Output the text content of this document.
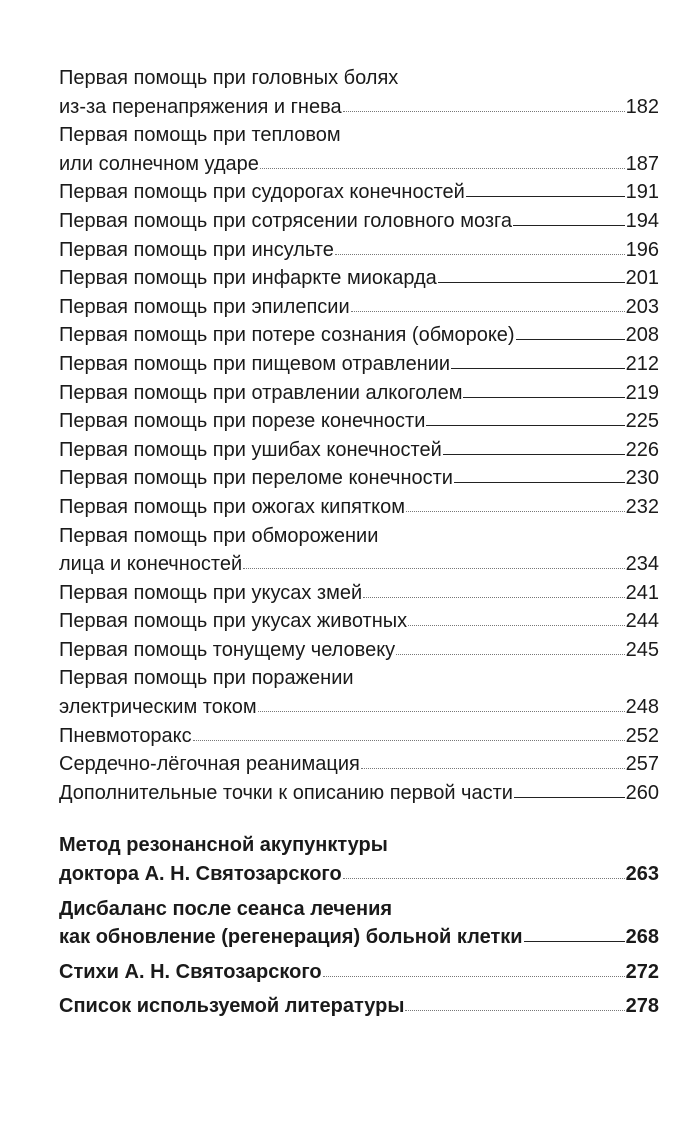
Первая помощь при головных болях
из-за перенапряжения и гнева	182
Первая помощь при тепловом
или солнечном ударе	187
Первая помощь при судорогах конечностей	191
Первая помощь при сотрясении головного мозга	194
Первая помощь при инсульте	196
Первая помощь при инфаркте миокарда	201
Первая помощь при эпилепсии	203
Первая помощь при потере сознания (обмороке)	208
Первая помощь при пищевом отравлении	212
Первая помощь при отравлении алкоголем	219
Первая помощь при порезе конечности	225
Первая помощь при ушибах конечностей	226
Первая помощь при переломе конечности	230
Первая помощь при ожогах кипятком	232
Первая помощь при обморожении
лица и конечностей	234
Первая помощь при укусах змей	241
Первая помощь при укусах животных	244
Первая помощь тонущему человеку	245
Первая помощь при поражении
электрическим током	248
Пневмоторакс	252
Сердечно-лёгочная реанимация	257
Дополнительные точки к описанию первой части	260
Метод резонансной акупунктуры
доктора А. Н. Святозарского	263
Дисбаланс после сеанса лечения
как обновление (регенерация) больной клетки	268
Стихи А. Н. Святозарского	272
Список используемой литературы	278
